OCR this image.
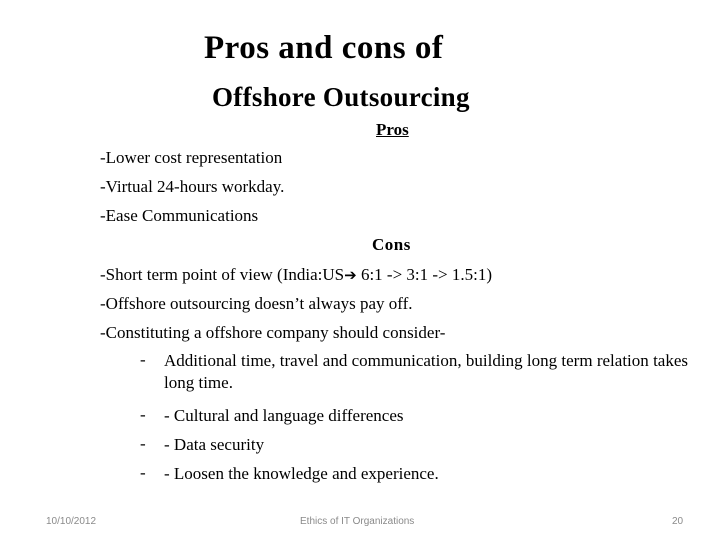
Pros and cons of
Offshore Outsourcing
Pros
-Lower cost representation
-Virtual 24-hours workday.
-Ease Communications
Cons
-Short term point of view (India:US➔ 6:1 -> 3:1 -> 1.5:1)
-Offshore outsourcing doesn’t always pay off.
-Constituting a offshore company should consider-
- Additional time, travel and communication, building long term relation takes long time.
- - Cultural and language differences
- - Data security
- - Loosen the knowledge and experience.
10/10/2012	Ethics of IT Organizations	20
